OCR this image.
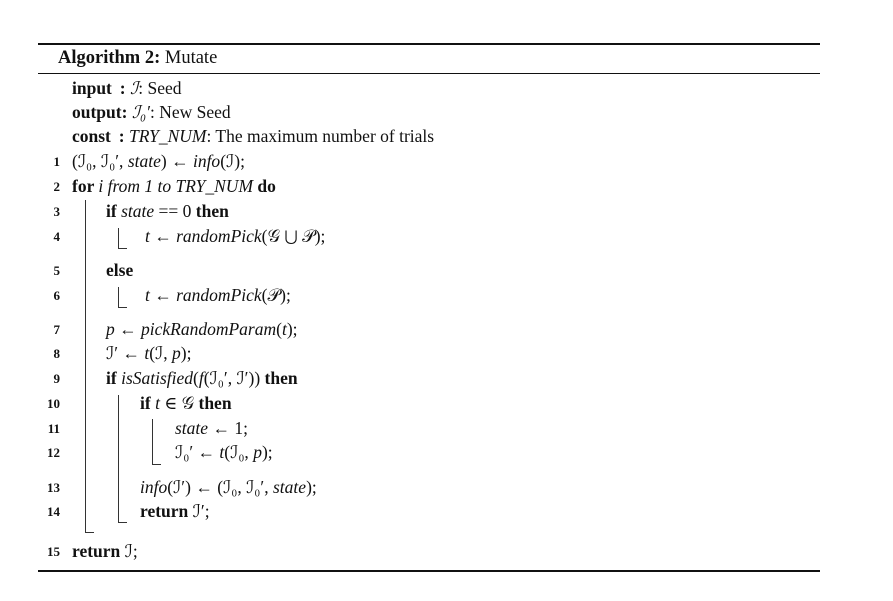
Algorithm 2: Mutate
input  : ℐ: Seed
output: ℐ₀′: New Seed
const  : TRY_NUM: The maximum number of trials
(ℐ₀, ℐ₀′, state) ← info(ℐ);
1
for i from 1 to TRY_NUM do
2
if state == 0 then
3
t ← randomPick(𝒢 ⋃ 𝒫);
4
else
5
t ← randomPick(𝒫);
6
p ← pickRandomParam(t);
7
ℐ′ ← t(ℐ, p);
8
if isSatisfied(f(ℐ₀′, ℐ′)) then
9
if t ∈ 𝒢 then
10
state ← 1;
11
ℐ₀′ ← t(ℐ₀, p);
12
info(ℐ′) ← (ℐ₀, ℐ₀′, state);
13
return ℐ′;
14
return ℐ;
15
